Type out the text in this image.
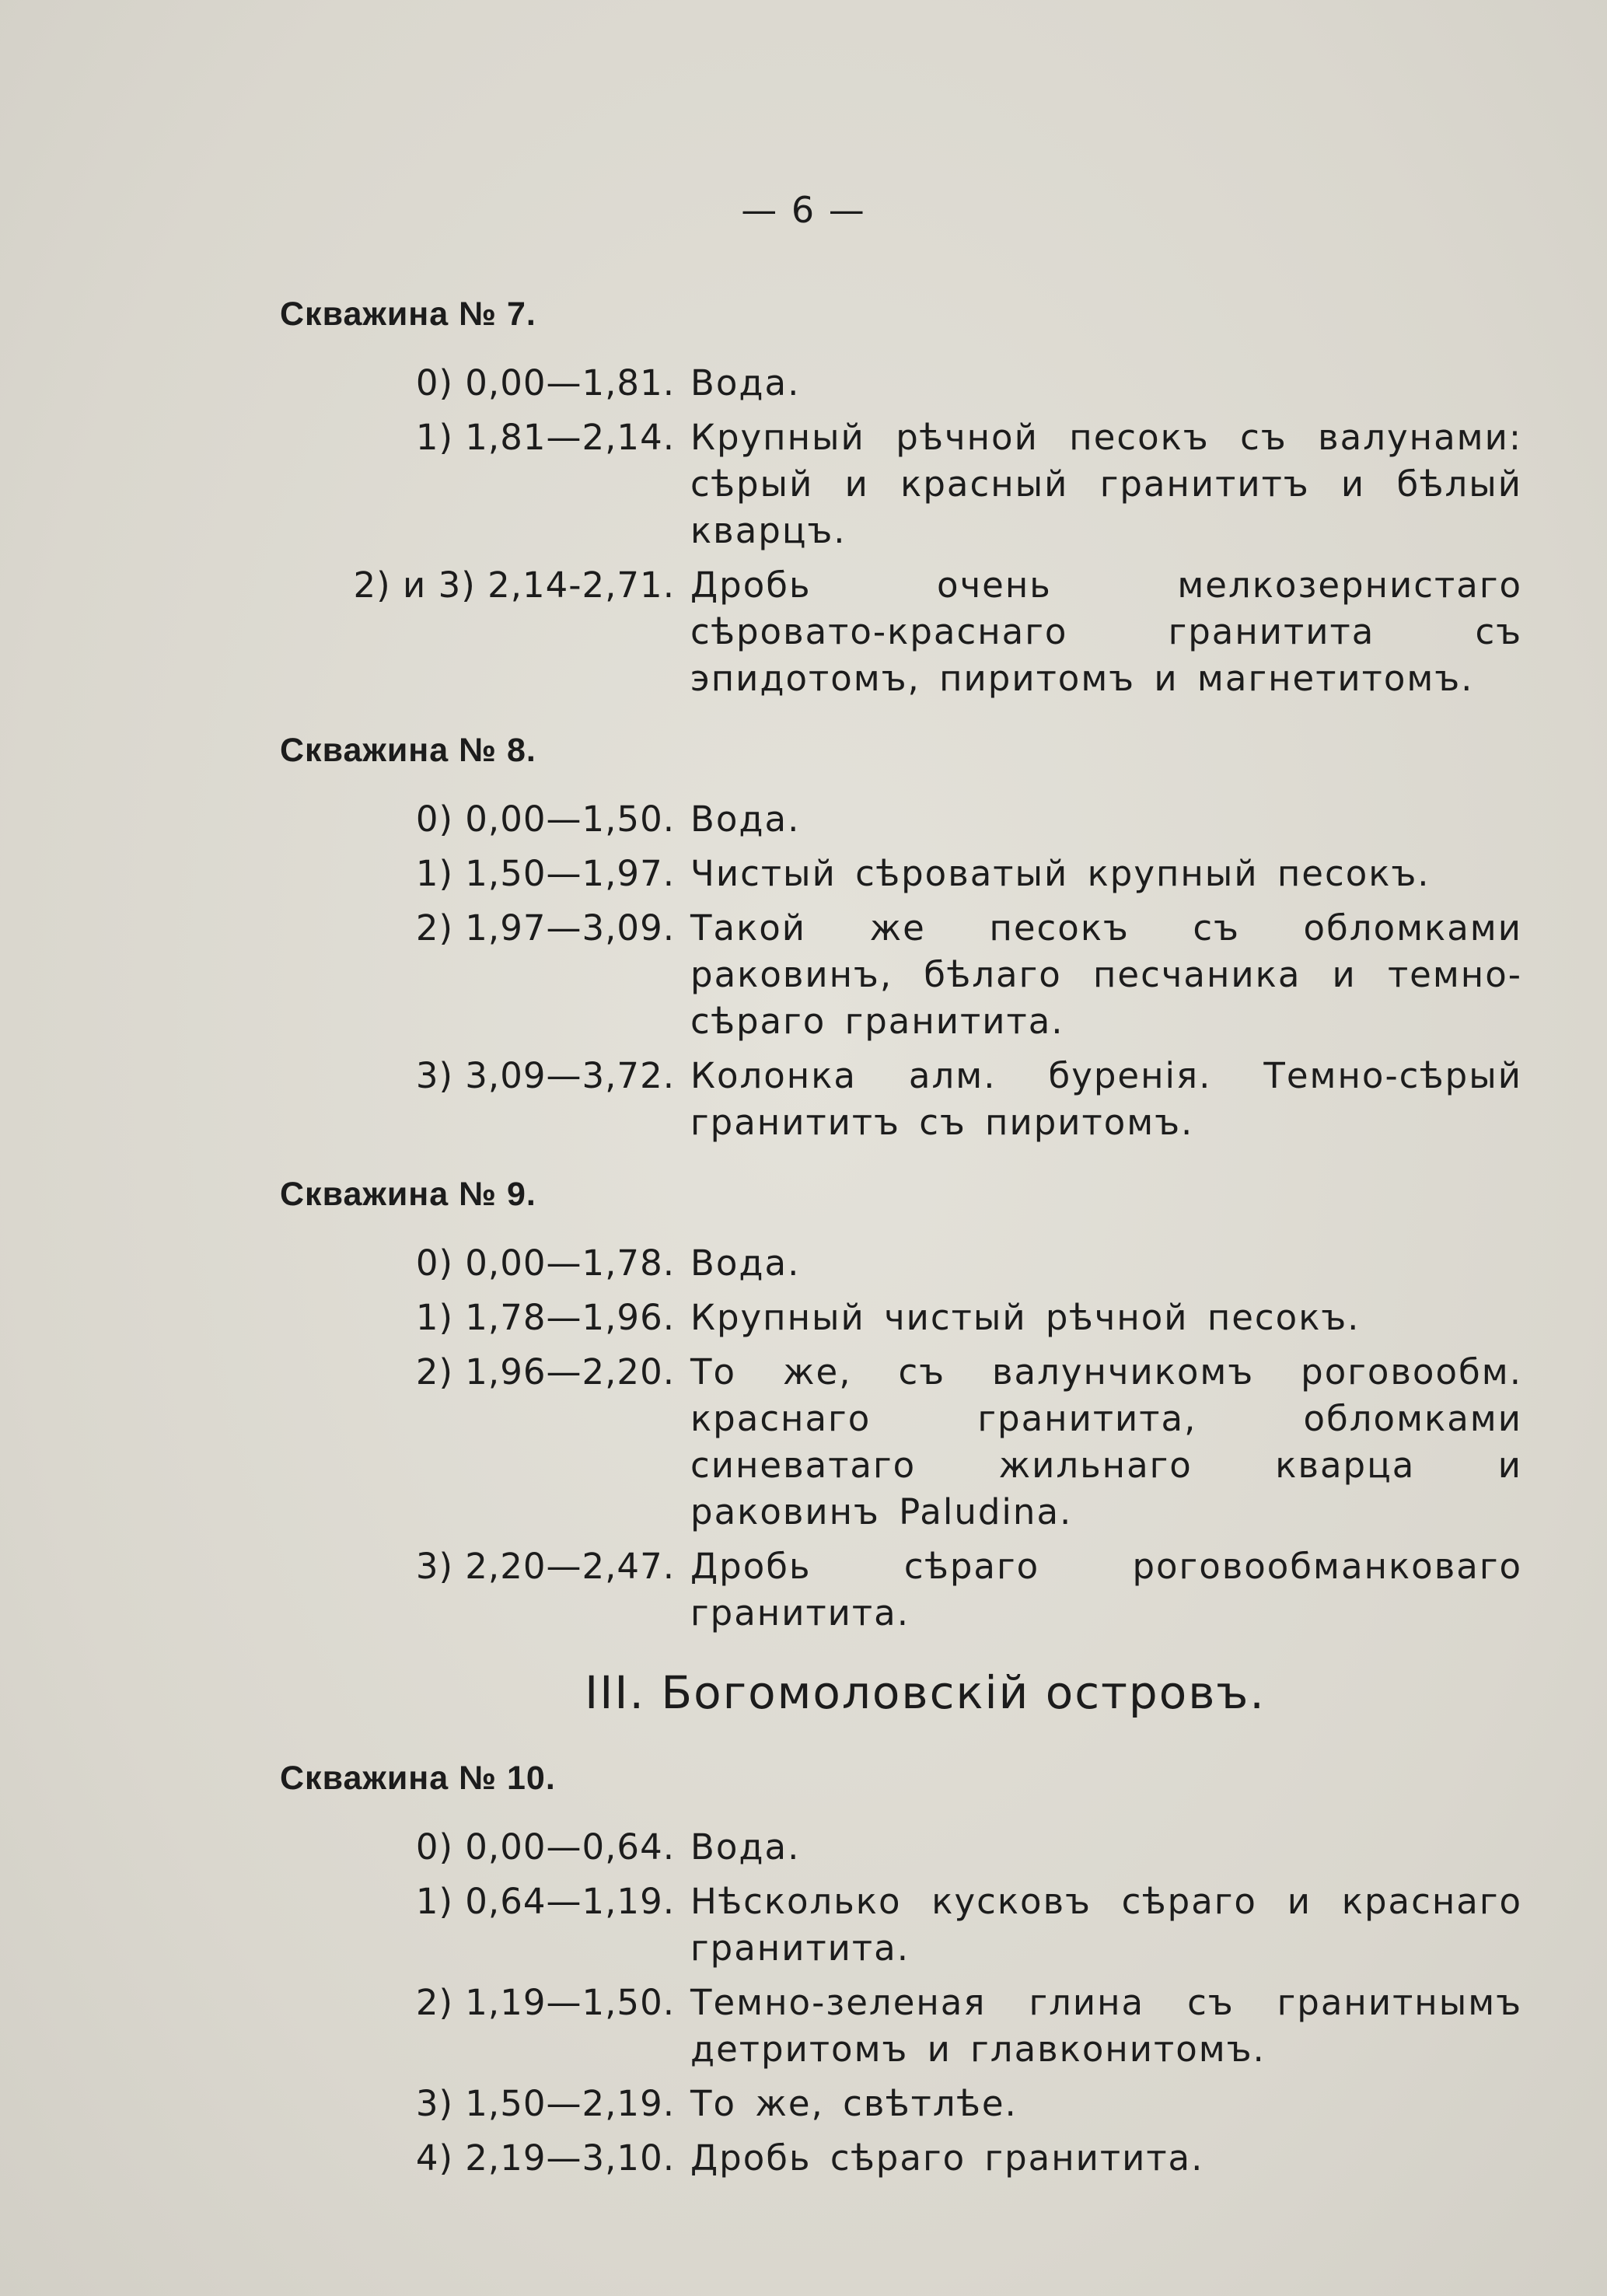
— 6 —
Скважина № 7.
0) 0,00—1,81. Вода.
1) 1,81—2,14. Крупный рѣчной песокъ съ валунами: сѣрый и красный гранититъ и бѣлый кварцъ.
2) и 3) 2,14-2,71. Дробь очень мелкозернистаго сѣровато-краснаго гранитита съ эпидотомъ, пиритомъ и магнетитомъ.
Скважина № 8.
0) 0,00—1,50. Вода.
1) 1,50—1,97. Чистый сѣроватый крупный песокъ.
2) 1,97—3,09. Такой же песокъ съ обломками раковинъ, бѣлаго песчаника и темно-сѣраго гранитита.
3) 3,09—3,72. Колонка алм. буренія. Темно-сѣрый гранититъ съ пиритомъ.
Скважина № 9.
0) 0,00—1,78. Вода.
1) 1,78—1,96. Крупный чистый рѣчной песокъ.
2) 1,96—2,20. То же, съ валунчикомъ роговообм. краснаго гранитита, обломками синеватаго жильнаго кварца и раковинъ Paludina.
3) 2,20—2,47. Дробь сѣраго роговообманковаго гранитита.
III. Богомоловскій островъ.
Скважина № 10.
0) 0,00—0,64. Вода.
1) 0,64—1,19. Нѣсколько кусковъ сѣраго и краснаго гранитита.
2) 1,19—1,50. Темно-зеленая глина съ гранитнымъ детритомъ и главконитомъ.
3) 1,50—2,19. То же, свѣтлѣе.
4) 2,19—3,10. Дробь сѣраго гранитита.
